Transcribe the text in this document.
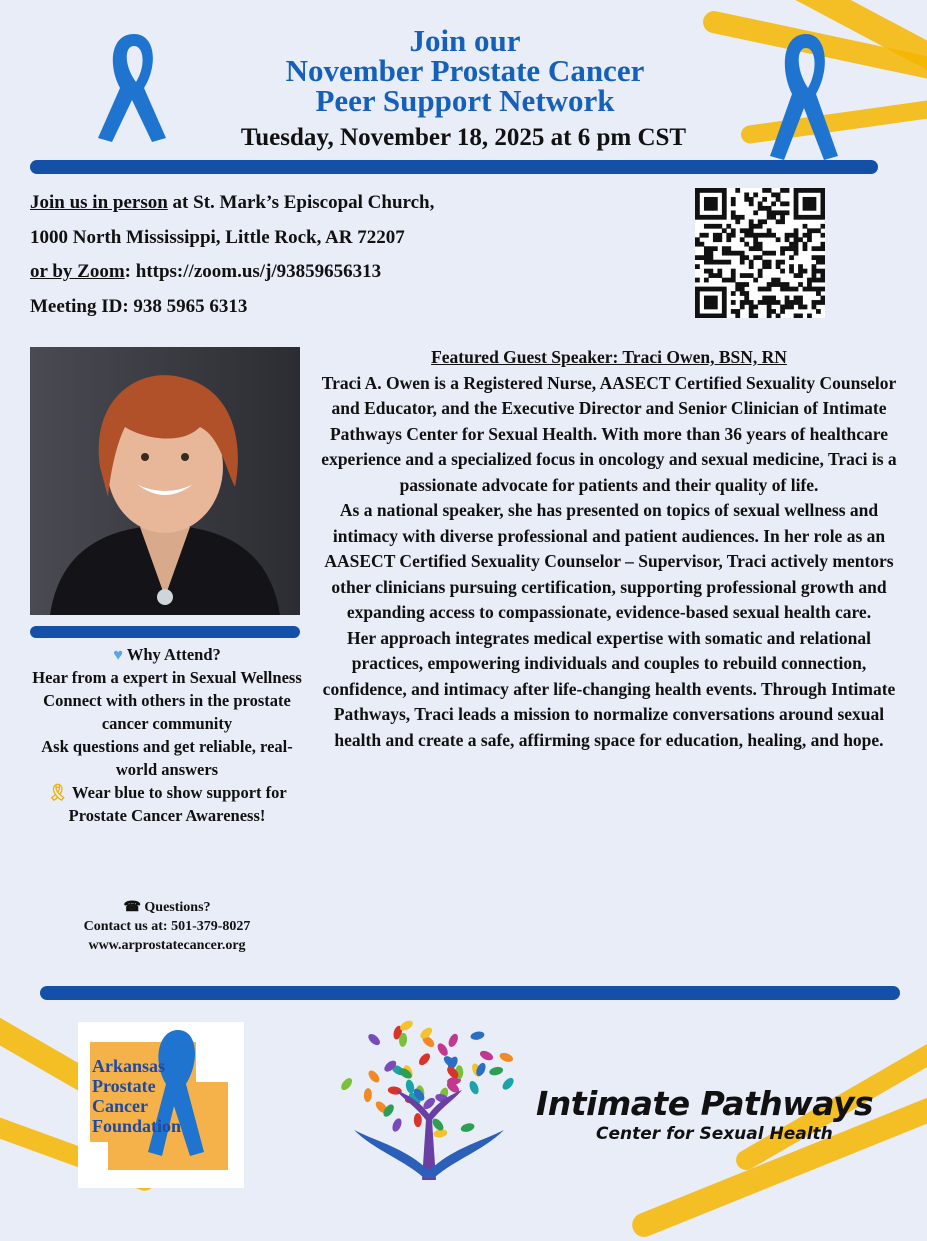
Join our
November Prostate Cancer
Peer Support Network
Tuesday, November 18, 2025 at 6 pm CST

Join us in person at St. Mark’s Episcopal Church,

1000 North Mississippi, Little Rock, AR 72207

or by Zoom: https://zoom.us/j/93859656313

Meeting ID: 938 5965 6313

Featured Guest Speaker: Traci Owen, BSN, RN

Traci A. Owen is a Registered Nurse, AASECT Certified Sexuality Counselor and Educator, and the Executive Director and Senior Clinician of Intimate Pathways Center for Sexual Health. With more than 36 years of healthcare experience and a specialized focus in oncology and sexual medicine, Traci is a passionate advocate for patients and their quality of life.

As a national speaker, she has presented on topics of sexual wellness and intimacy with diverse professional and patient audiences. In her role as an AASECT Certified Sexuality Counselor – Supervisor, Traci actively mentors other clinicians pursuing certification, supporting professional growth and expanding access to compassionate, evidence-based sexual health care.

Her approach integrates medical expertise with somatic and relational practices, empowering individuals and couples to rebuild connection, confidence, and intimacy after life-changing health events. Through Intimate Pathways, Traci leads a mission to normalize conversations around sexual health and create a safe, affirming space for education, healing, and hope.

♥ Why Attend?

Hear from a expert in Sexual Wellness

Connect with others in the prostate cancer community

Ask questions and get reliable, real-world answers

🎗 Wear blue to show support for Prostate Cancer Awareness!

☎ Questions?

Contact us at: 501-379-8027

www.arprostatecancer.org

Arkansas Prostate Cancer Foundation
Intimate Pathways
Center for Sexual Health
